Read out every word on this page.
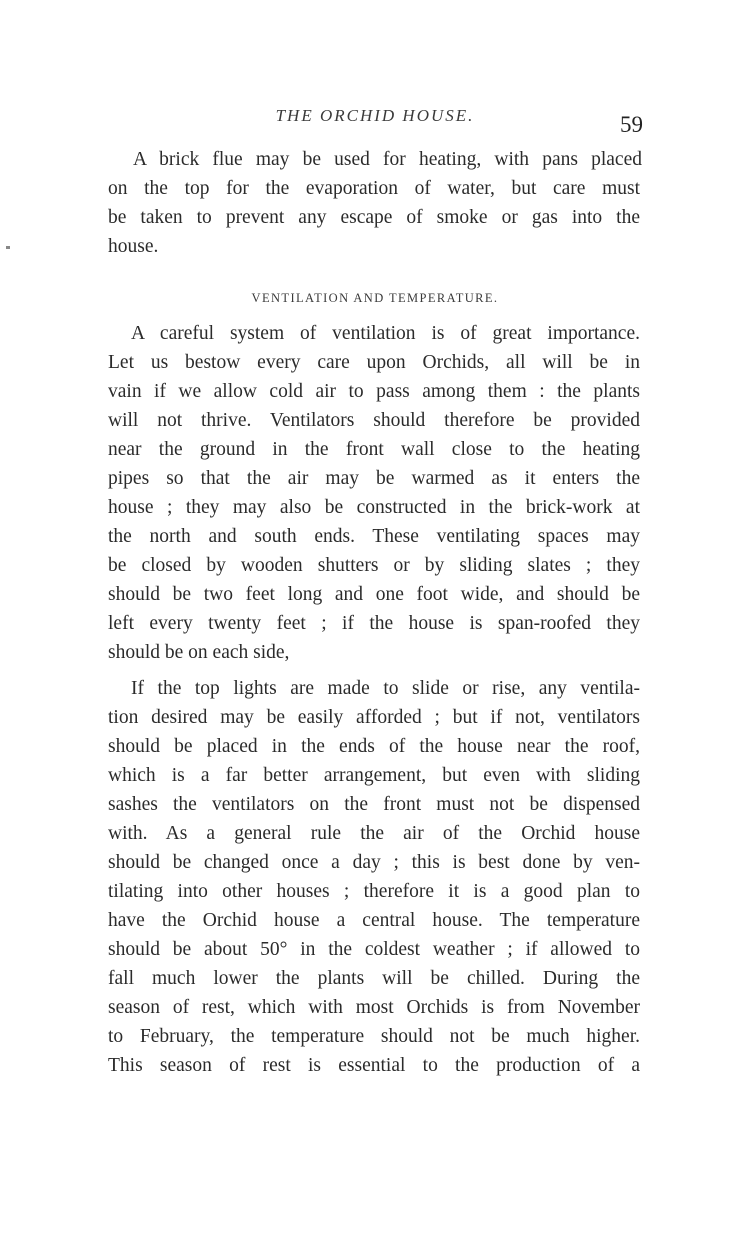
THE ORCHID HOUSE.	59
A brick flue may be used for heating, with pans placed
on the top for the evaporation of water, but care must
be taken to prevent any escape of smoke or gas into the
house.
VENTILATION AND TEMPERATURE.
A careful system of ventilation is of great importance.
Let us bestow every care upon Orchids, all will be in
vain if we allow cold air to pass among them : the plants
will not thrive. Ventilators should therefore be provided
near the ground in the front wall close to the heating
pipes so that the air may be warmed as it enters the
house ; they may also be constructed in the brick-work at
the north and south ends. These ventilating spaces may
be closed by wooden shutters or by sliding slates ; they
should be two feet long and one foot wide, and should be
left every twenty feet ; if the house is span-roofed they
should be on each side,
If the top lights are made to slide or rise, any ventila-
tion desired may be easily afforded ; but if not, ventilators
should be placed in the ends of the house near the roof,
which is a far better arrangement, but even with sliding
sashes the ventilators on the front must not be dispensed
with. As a general rule the air of the Orchid house
should be changed once a day ; this is best done by ven-
tilating into other houses ; therefore it is a good plan to
have the Orchid house a central house. The temperature
should be about 50° in the coldest weather ; if allowed to
fall much lower the plants will be chilled. During the
season of rest, which with most Orchids is from November
to February, the temperature should not be much higher.
This season of rest is essential to the production of a
